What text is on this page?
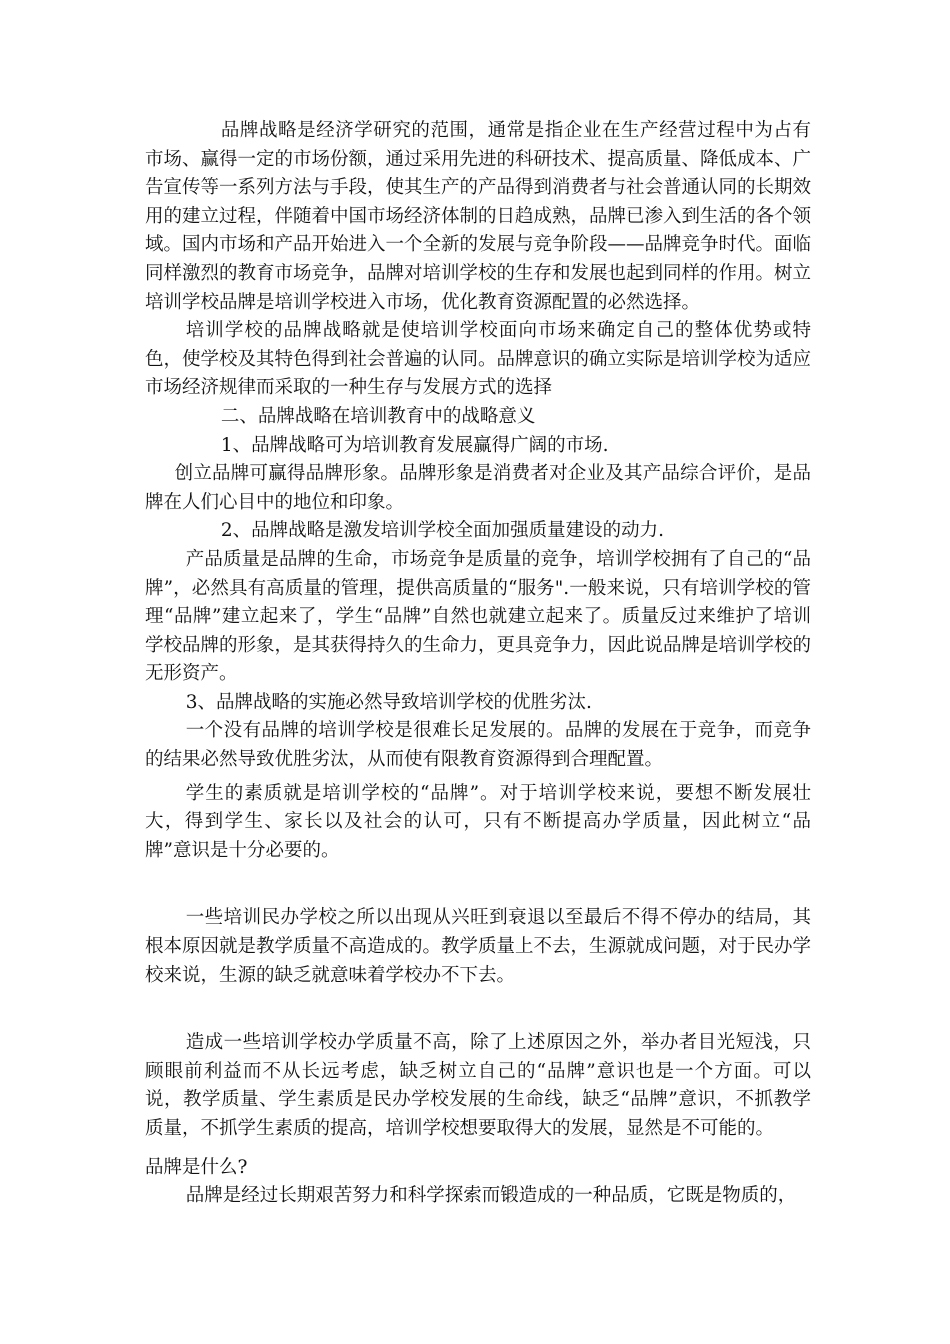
品牌战略是经济学研究的范围，通常是指企业在生产经营过程中为占有市场、赢得一定的市场份额，通过采用先进的科研技术、提高质量、降低成本、广告宣传等一系列方法与手段，使其生产的产品得到消费者与社会普通认同的长期效用的建立过程，伴随着中国市场经济体制的日趋成熟，品牌已渗入到生活的各个领域。国内市场和产品开始进入一个全新的发展与竞争阶段——品牌竞争时代。面临同样激烈的教育市场竞争，品牌对培训学校的生存和发展也起到同样的作用。树立培训学校品牌是培训学校进入市场，优化教育资源配置的必然选择。

培训学校的品牌战略就是使培训学校面向市场来确定自己的整体优势或特色，使学校及其特色得到社会普遍的认同。品牌意识的确立实际是培训学校为适应市场经济规律而采取的一种生存与发展方式的选择

二、品牌战略在培训教育中的战略意义

1、品牌战略可为培训教育发展赢得广阔的市场.

创立品牌可赢得品牌形象。品牌形象是消费者对企业及其产品综合评价，是品牌在人们心目中的地位和印象。

2、品牌战略是激发培训学校全面加强质量建设的动力.

产品质量是品牌的生命，市场竞争是质量的竞争，培训学校拥有了自己的“品牌”，必然具有高质量的管理，提供高质量的“服务".一般来说，只有培训学校的管理“品牌”建立起来了，学生“品牌”自然也就建立起来了。质量反过来维护了培训学校品牌的形象，是其获得持久的生命力，更具竞争力，因此说品牌是培训学校的无形资产。

3、品牌战略的实施必然导致培训学校的优胜劣汰.

一个没有品牌的培训学校是很难长足发展的。品牌的发展在于竞争，而竞争的结果必然导致优胜劣汰，从而使有限教育资源得到合理配置。

学生的素质就是培训学校的“品牌”。对于培训学校来说，要想不断发展壮大，得到学生、家长以及社会的认可，只有不断提高办学质量，因此树立“品牌”意识是十分必要的。

一些培训民办学校之所以出现从兴旺到衰退以至最后不得不停办的结局，其根本原因就是教学质量不高造成的。教学质量上不去，生源就成问题，对于民办学校来说，生源的缺乏就意味着学校办不下去。

造成一些培训学校办学质量不高，除了上述原因之外，举办者目光短浅，只顾眼前利益而不从长远考虑，缺乏树立自己的“品牌”意识也是一个方面。可以说，教学质量、学生素质是民办学校发展的生命线，缺乏“品牌”意识，不抓教学质量，不抓学生素质的提高，培训学校想要取得大的发展，显然是不可能的。

品牌是什么?

品牌是经过长期艰苦努力和科学探索而锻造成的一种品质，它既是物质的，
